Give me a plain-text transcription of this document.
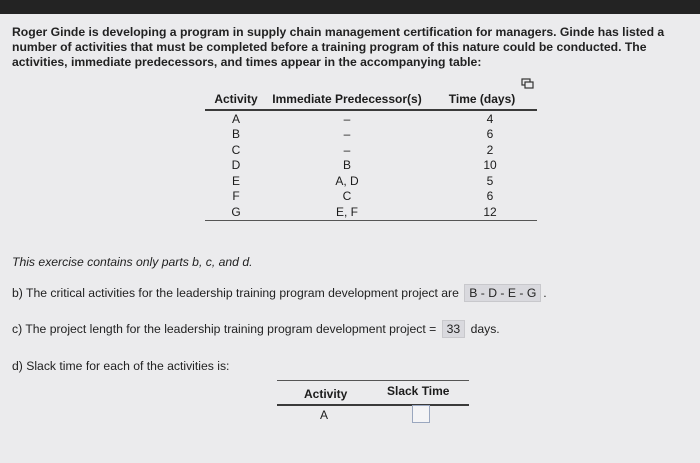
Roger Ginde is developing a program in supply chain management certification for managers. Ginde has listed a number of activities that must be completed before a training program of this nature could be conducted. The activities, immediate predecessors, and times appear in the accompanying table:
Activity	Immediate Predecessor(s)	Time (days)
A	–	4
B	–	6
C	–	2
D	B	10
E	A, D	5
F	C	6
G	E, F	12
This exercise contains only parts b, c, and d.
b) The critical activities for the leadership training program development project are B - D - E - G .
c) The project length for the leadership training program development project = 33 days.
d) Slack time for each of the activities is:
Activity	Slack Time
A
